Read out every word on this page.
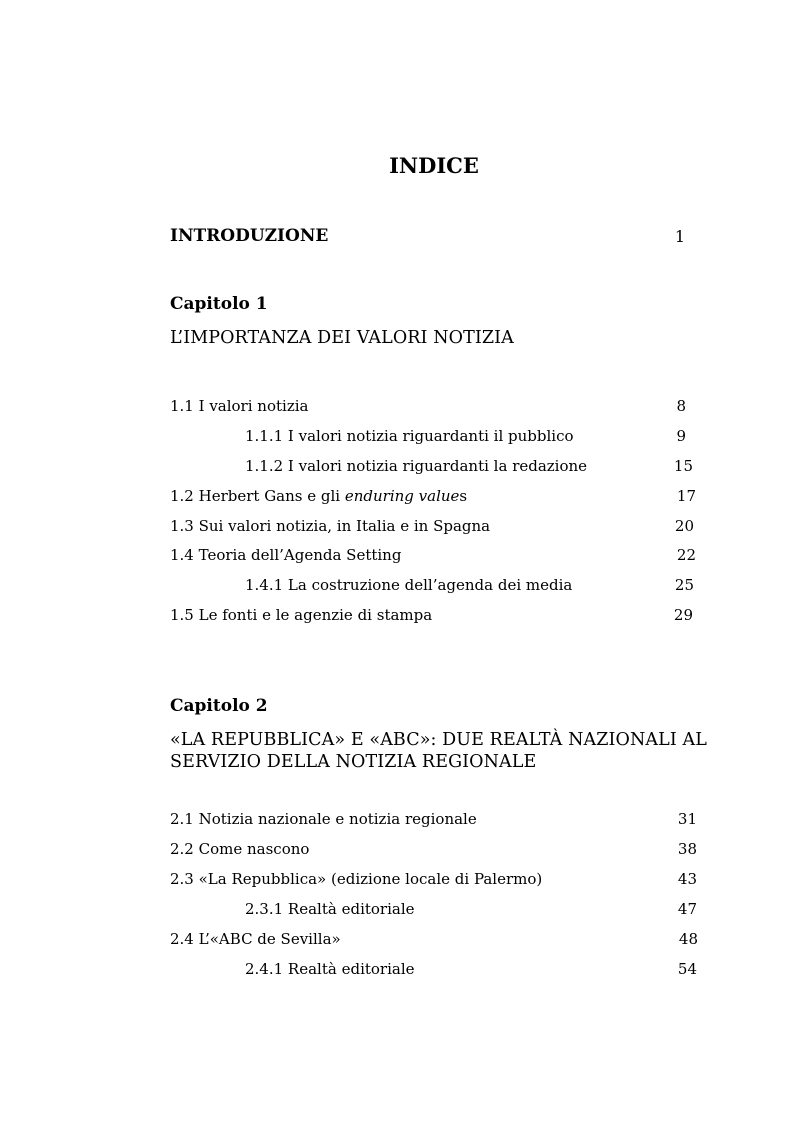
INDICE
INTRODUZIONE	1
Capitolo 1
L’IMPORTANZA DEI VALORI NOTIZIA
1.1 I valori notizia	8
1.1.1 I valori notizia riguardanti il pubblico	9
1.1.2 I valori notizia riguardanti la redazione	15
1.2 Herbert Gans e gli enduring values	17
1.3 Sui valori notizia, in Italia e in Spagna	20
1.4 Teoria dell’Agenda Setting	22
1.4.1 La costruzione dell’agenda dei media	25
1.5 Le fonti e le agenzie di stampa	29
Capitolo 2
«LA REPUBBLICA» E «ABC»: DUE REALTÀ NAZIONALI AL
SERVIZIO DELLA NOTIZIA REGIONALE
2.1 Notizia nazionale e notizia regionale	31
2.2 Come nascono	38
2.3 «La Repubblica» (edizione locale di Palermo)	43
2.3.1 Realtà editoriale	47
2.4 L’«ABC de Sevilla»	48
2.4.1 Realtà editoriale	54
